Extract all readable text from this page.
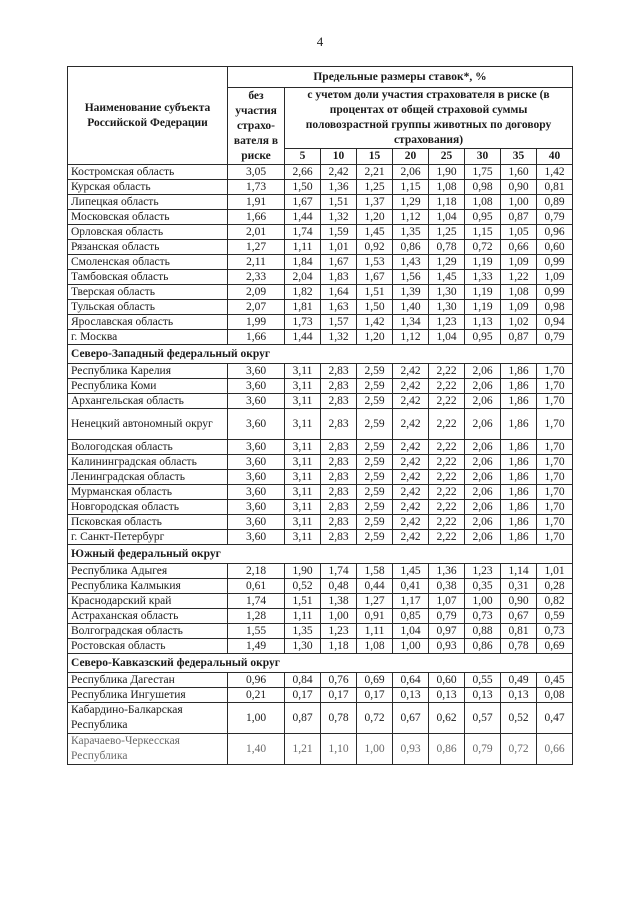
4
Наименование субъекта Российской Федерации	Предельные размеры ставок*, %								
	без участия страхо-вателя в риске	с учетом доли участия страхователя в риске (в процентах от общей страховой суммы половозрастной группы животных по договору страхования)							
		5	10	15	20	25	30	35	40
Костромская область	3,05	2,66	2,42	2,21	2,06	1,90	1,75	1,60	1,42
Курская область	1,73	1,50	1,36	1,25	1,15	1,08	0,98	0,90	0,81
Липецкая область	1,91	1,67	1,51	1,37	1,29	1,18	1,08	1,00	0,89
Московская область	1,66	1,44	1,32	1,20	1,12	1,04	0,95	0,87	0,79
Орловская область	2,01	1,74	1,59	1,45	1,35	1,25	1,15	1,05	0,96
Рязанская область	1,27	1,11	1,01	0,92	0,86	0,78	0,72	0,66	0,60
Смоленская область	2,11	1,84	1,67	1,53	1,43	1,29	1,19	1,09	0,99
Тамбовская область	2,33	2,04	1,83	1,67	1,56	1,45	1,33	1,22	1,09
Тверская область	2,09	1,82	1,64	1,51	1,39	1,30	1,19	1,08	0,99
Тульская область	2,07	1,81	1,63	1,50	1,40	1,30	1,19	1,09	0,98
Ярославская область	1,99	1,73	1,57	1,42	1,34	1,23	1,13	1,02	0,94
г. Москва	1,66	1,44	1,32	1,20	1,12	1,04	0,95	0,87	0,79
Северо-Западный федеральный округ									
Республика Карелия	3,60	3,11	2,83	2,59	2,42	2,22	2,06	1,86	1,70
Республика Коми	3,60	3,11	2,83	2,59	2,42	2,22	2,06	1,86	1,70
Архангельская область	3,60	3,11	2,83	2,59	2,42	2,22	2,06	1,86	1,70
Ненецкий автономный округ	3,60	3,11	2,83	2,59	2,42	2,22	2,06	1,86	1,70
Вологодская область	3,60	3,11	2,83	2,59	2,42	2,22	2,06	1,86	1,70
Калининградская область	3,60	3,11	2,83	2,59	2,42	2,22	2,06	1,86	1,70
Ленинградская область	3,60	3,11	2,83	2,59	2,42	2,22	2,06	1,86	1,70
Мурманская область	3,60	3,11	2,83	2,59	2,42	2,22	2,06	1,86	1,70
Новгородская область	3,60	3,11	2,83	2,59	2,42	2,22	2,06	1,86	1,70
Псковская область	3,60	3,11	2,83	2,59	2,42	2,22	2,06	1,86	1,70
г. Санкт-Петербург	3,60	3,11	2,83	2,59	2,42	2,22	2,06	1,86	1,70
Южный федеральный округ									
Республика Адыгея	2,18	1,90	1,74	1,58	1,45	1,36	1,23	1,14	1,01
Республика Калмыкия	0,61	0,52	0,48	0,44	0,41	0,38	0,35	0,31	0,28
Краснодарский край	1,74	1,51	1,38	1,27	1,17	1,07	1,00	0,90	0,82
Астраханская область	1,28	1,11	1,00	0,91	0,85	0,79	0,73	0,67	0,59
Волгоградская область	1,55	1,35	1,23	1,11	1,04	0,97	0,88	0,81	0,73
Ростовская область	1,49	1,30	1,18	1,08	1,00	0,93	0,86	0,78	0,69
Северо-Кавказский федеральный округ									
Республика Дагестан	0,96	0,84	0,76	0,69	0,64	0,60	0,55	0,49	0,45
Республика Ингушетия	0,21	0,17	0,17	0,17	0,13	0,13	0,13	0,13	0,08
Кабардино-Балкарская Республика	1,00	0,87	0,78	0,72	0,67	0,62	0,57	0,52	0,47
Карачаево-Черкесская Республика	1,40	1,21	1,10	1,00	0,93	0,86	0,79	0,72	0,66
